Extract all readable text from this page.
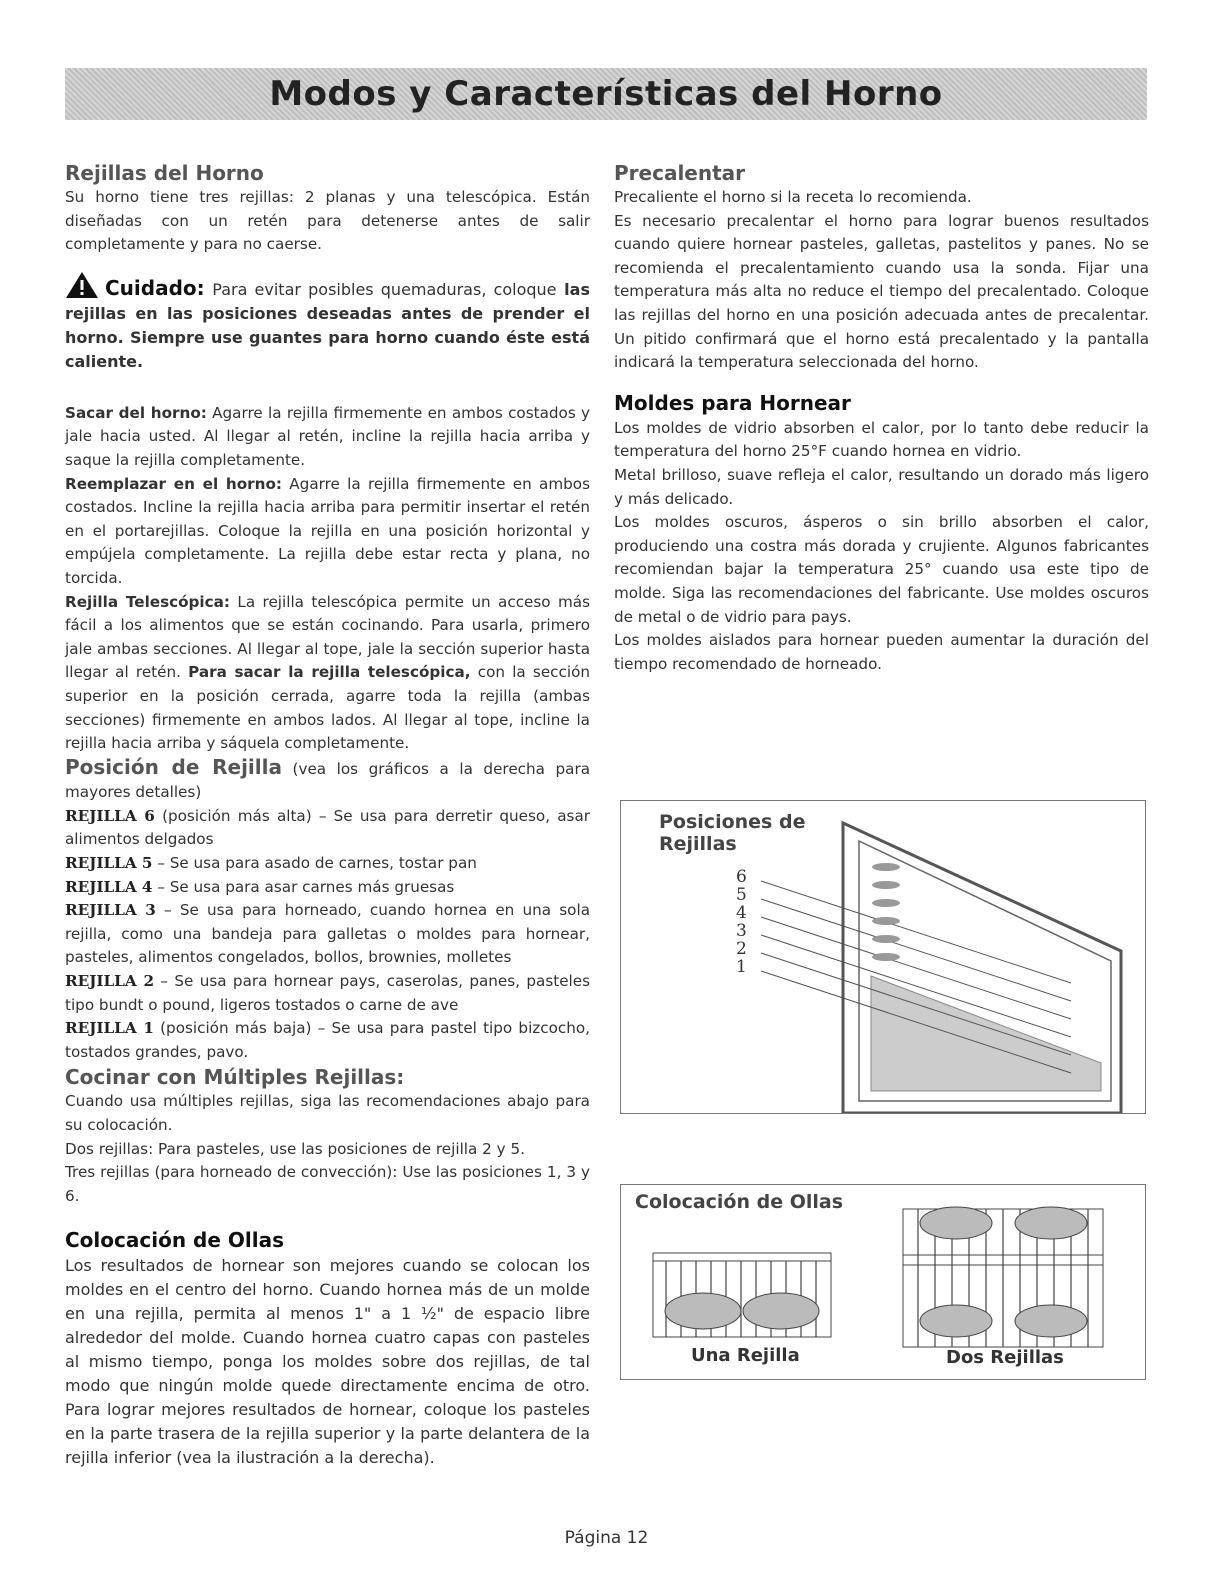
Modos y Características del Horno
Rejillas del Horno

Su horno tiene tres rejillas: 2 planas y una telescópica. Están diseñadas con un retén para detenerse antes de salir completamente y para no caerse.

Cuidado: Para evitar posibles quemaduras, coloque las rejillas en las posiciones deseadas antes de prender el horno. Siempre use guantes para horno cuando éste está caliente.

Sacar del horno: Agarre la rejilla firmemente en ambos costados y jale hacia usted. Al llegar al retén, incline la rejilla hacia arriba y saque la rejilla completamente.

Reemplazar en el horno: Agarre la rejilla firmemente en ambos costados. Incline la rejilla hacia arriba para permitir insertar el retén en el portarejillas. Coloque la rejilla en una posición horizontal y empújela completamente. La rejilla debe estar recta y plana, no torcida.

Rejilla Telescópica: La rejilla telescópica permite un acceso más fácil a los alimentos que se están cocinando. Para usarla, primero jale ambas secciones. Al llegar al tope, jale la sección superior hasta llegar al retén. Para sacar la rejilla telescópica, con la sección superior en la posición cerrada, agarre toda la rejilla (ambas secciones) firmemente en ambos lados. Al llegar al tope, incline la rejilla hacia arriba y sáquela completamente.

Posición de Rejilla (vea los gráficos a la derecha para mayores detalles)

REJILLA 6 (posición más alta) – Se usa para derretir queso, asar alimentos delgados

REJILLA 5 – Se usa para asado de carnes, tostar pan

REJILLA 4 – Se usa para asar carnes más gruesas

REJILLA 3 – Se usa para horneado, cuando hornea en una sola rejilla, como una bandeja para galletas o moldes para hornear, pasteles, alimentos congelados, bollos, brownies, molletes

REJILLA 2 – Se usa para hornear pays, caserolas, panes, pasteles tipo bundt o pound, ligeros tostados o carne de ave

REJILLA 1 (posición más baja) – Se usa para pastel tipo bizcocho, tostados grandes, pavo.

Cocinar con Múltiples Rejillas:

Cuando usa múltiples rejillas, siga las recomendaciones abajo para su colocación.

Dos rejillas: Para pasteles, use las posiciones de rejilla 2 y 5.

Tres rejillas (para horneado de convección): Use las posiciones 1, 3 y 6.

Colocación de Ollas

Los resultados de hornear son mejores cuando se colocan los moldes en el centro del horno. Cuando hornea más de un molde en una rejilla, permita al menos 1" a 1 ½" de espacio libre alrededor del molde. Cuando hornea cuatro capas con pasteles al mismo tiempo, ponga los moldes sobre dos rejillas, de tal modo que ningún molde quede directamente encima de otro. Para lograr mejores resultados de hornear, coloque los pasteles en la parte trasera de la rejilla superior y la parte delantera de la rejilla inferior (vea la ilustración a la derecha).

Precalentar

Precaliente el horno si la receta lo recomienda.

Es necesario precalentar el horno para lograr buenos resultados cuando quiere hornear pasteles, galletas, pastelitos y panes. No se recomienda el precalentamiento cuando usa la sonda. Fijar una temperatura más alta no reduce el tiempo del precalentado. Coloque las rejillas del horno en una posición adecuada antes de precalentar. Un pitido confirmará que el horno está precalentado y la pantalla indicará la temperatura seleccionada del horno.

Moldes para Hornear

Los moldes de vidrio absorben el calor, por lo tanto debe reducir la temperatura del horno 25°F cuando hornea en vidrio.

Metal brilloso, suave refleja el calor, resultando un dorado más ligero y más delicado.

Los moldes oscuros, ásperos o sin brillo absorben el calor, produciendo una costra más dorada y crujiente. Algunos fabricantes recomiendan bajar la temperatura 25° cuando usa este tipo de molde. Siga las recomendaciones del fabricante. Use moldes oscuros de metal o de vidrio para pays.

Los moldes aislados para hornear pueden aumentar la duración del tiempo recomendado de horneado.

Posiciones de
Rejillas
6
5
4
3
2
1
Colocación de Ollas
Una Rejilla	Dos Rejillas
Página 12
